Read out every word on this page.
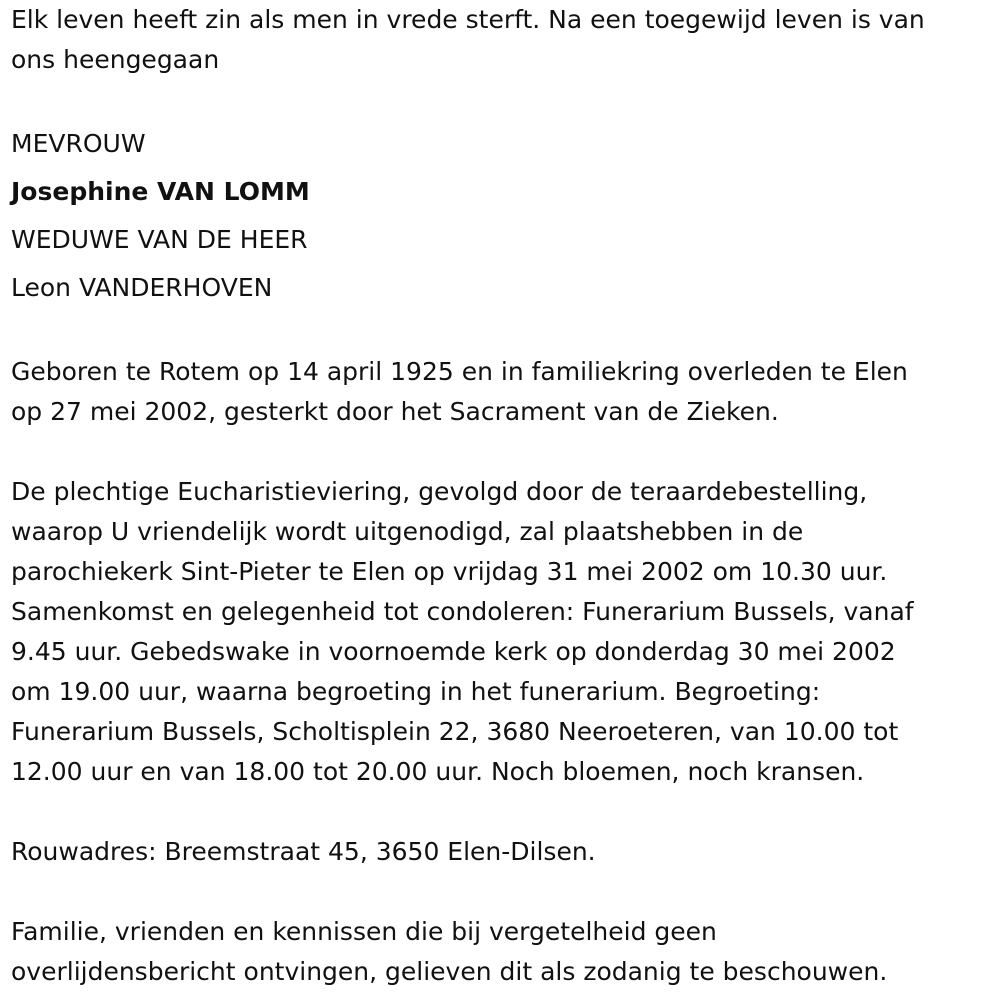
Elk leven heeft zin als men in vrede sterft. Na een toegewijd leven is van
ons heengegaan

MEVROUW

Josephine VAN LOMM

WEDUWE VAN DE HEER

Leon VANDERHOVEN

Geboren te Rotem op 14 april 1925 en in familiekring overleden te Elen
op 27 mei 2002, gesterkt door het Sacrament van de Zieken.

De plechtige Eucharistieviering, gevolgd door de teraardebestelling,
waarop U vriendelijk wordt uitgenodigd, zal plaatshebben in de
parochiekerk Sint-Pieter te Elen op vrijdag 31 mei 2002 om 10.30 uur.
Samenkomst en gelegenheid tot condoleren: Funerarium Bussels, vanaf
9.45 uur. Gebedswake in voornoemde kerk op donderdag 30 mei 2002
om 19.00 uur, waarna begroeting in het funerarium. Begroeting:
Funerarium Bussels, Scholtisplein 22, 3680 Neeroeteren, van 10.00 tot
12.00 uur en van 18.00 tot 20.00 uur. Noch bloemen, noch kransen.

Rouwadres: Breemstraat 45, 3650 Elen-Dilsen.

Familie, vrienden en kennissen die bij vergetelheid geen
overlijdensbericht ontvingen, gelieven dit als zodanig te beschouwen.
